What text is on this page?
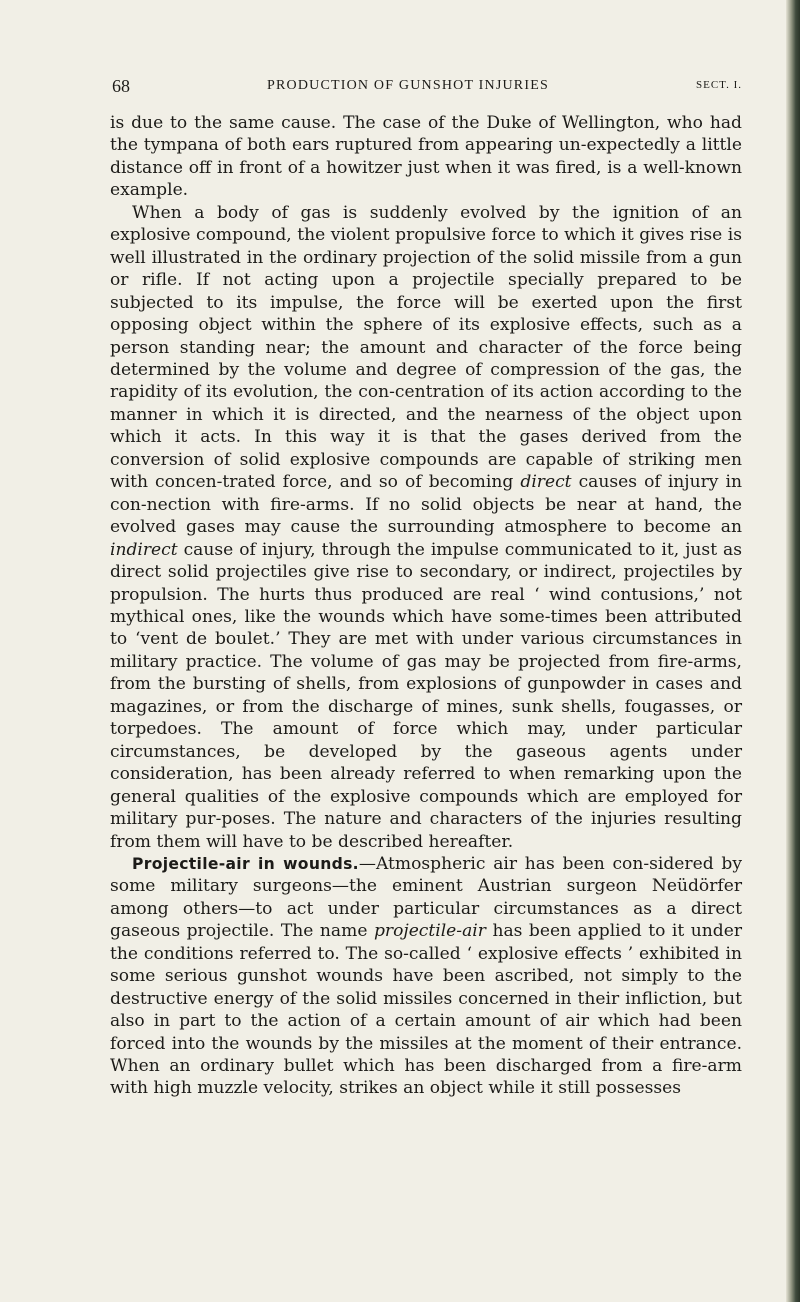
68	PRODUCTION OF GUNSHOT INJURIES	SECT. I.

is due to the same cause. The case of the Duke of Wellington, who had the tympana of both ears ruptured from appearing un-expectedly a little distance off in front of a howitzer just when it was fired, is a well-known example.

When a body of gas is suddenly evolved by the ignition of an explosive compound, the violent propulsive force to which it gives rise is well illustrated in the ordinary projection of the solid missile from a gun or rifle. If not acting upon a projectile specially prepared to be subjected to its impulse, the force will be exerted upon the first opposing object within the sphere of its explosive effects, such as a person standing near; the amount and character of the force being determined by the volume and degree of compression of the gas, the rapidity of its evolution, the con-centration of its action according to the manner in which it is directed, and the nearness of the object upon which it acts. In this way it is that the gases derived from the conversion of solid explosive compounds are capable of striking men with concen-trated force, and so of becoming direct causes of injury in con-nection with fire-arms. If no solid objects be near at hand, the evolved gases may cause the surrounding atmosphere to become an indirect cause of injury, through the impulse communicated to it, just as direct solid projectiles give rise to secondary, or indirect, projectiles by propulsion. The hurts thus produced are real ‘ wind contusions,’ not mythical ones, like the wounds which have some-times been attributed to ‘vent de boulet.’ They are met with under various circumstances in military practice. The volume of gas may be projected from fire-arms, from the bursting of shells, from explosions of gunpowder in cases and magazines, or from the discharge of mines, sunk shells, fougasses, or torpedoes. The amount of force which may, under particular circumstances, be developed by the gaseous agents under consideration, has been already referred to when remarking upon the general qualities of the explosive compounds which are employed for military pur-poses. The nature and characters of the injuries resulting from them will have to be described hereafter.

Projectile-air in wounds.—Atmospheric air has been con-sidered by some military surgeons—the eminent Austrian surgeon Neüdörfer among others—to act under particular circumstances as a direct gaseous projectile. The name projectile-air has been applied to it under the conditions referred to. The so-called ‘ explosive effects ’ exhibited in some serious gunshot wounds have been ascribed, not simply to the destructive energy of the solid missiles concerned in their infliction, but also in part to the action of a certain amount of air which had been forced into the wounds by the missiles at the moment of their entrance. When an ordinary bullet which has been discharged from a fire-arm with high muzzle velocity, strikes an object while it still possesses
